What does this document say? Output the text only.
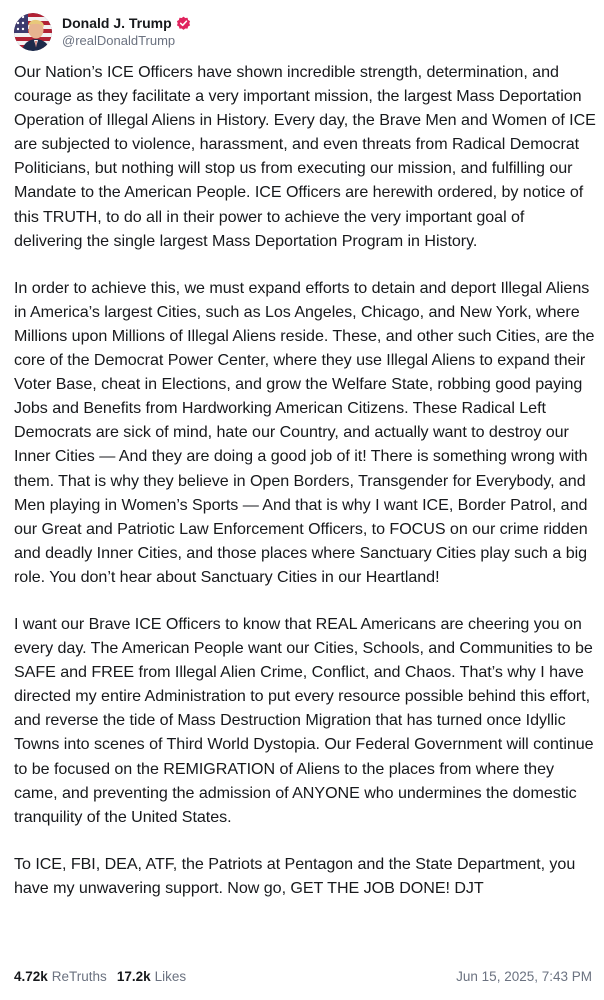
Donald J. Trump
@realDonaldTrump

Our Nation’s ICE Officers have shown incredible strength, determination, and courage as they facilitate a very important mission, the largest Mass Deportation Operation of Illegal Aliens in History. Every day, the Brave Men and Women of ICE are subjected to violence, harassment, and even threats from Radical Democrat Politicians, but nothing will stop us from executing our mission, and fulfilling our Mandate to the American People. ICE Officers are herewith ordered, by notice of this TRUTH, to do all in their power to achieve the very important goal of delivering the single largest Mass Deportation Program in History.

In order to achieve this, we must expand efforts to detain and deport Illegal Aliens in America’s largest Cities, such as Los Angeles, Chicago, and New York, where Millions upon Millions of Illegal Aliens reside. These, and other such Cities, are the core of the Democrat Power Center, where they use Illegal Aliens to expand their Voter Base, cheat in Elections, and grow the Welfare State, robbing good paying Jobs and Benefits from Hardworking American Citizens. These Radical Left Democrats are sick of mind, hate our Country, and actually want to destroy our Inner Cities — And they are doing a good job of it! There is something wrong with them. That is why they believe in Open Borders, Transgender for Everybody, and Men playing in Women’s Sports — And that is why I want ICE, Border Patrol, and our Great and Patriotic Law Enforcement Officers, to FOCUS on our crime ridden and deadly Inner Cities, and those places where Sanctuary Cities play such a big role. You don’t hear about Sanctuary Cities in our Heartland!

I want our Brave ICE Officers to know that REAL Americans are cheering you on every day. The American People want our Cities, Schools, and Communities to be SAFE and FREE from Illegal Alien Crime, Conflict, and Chaos. That’s why I have directed my entire Administration to put every resource possible behind this effort, and reverse the tide of Mass Destruction Migration that has turned once Idyllic Towns into scenes of Third World Dystopia. Our Federal Government will continue to be focused on the REMIGRATION of Aliens to the places from where they came, and preventing the admission of ANYONE who undermines the domestic tranquility of the United States.

To ICE, FBI, DEA, ATF, the Patriots at Pentagon and the State Department, you have my unwavering support. Now go, GET THE JOB DONE! DJT

4.72k ReTruths 17.2k Likes	Jun 15, 2025, 7:43 PM
